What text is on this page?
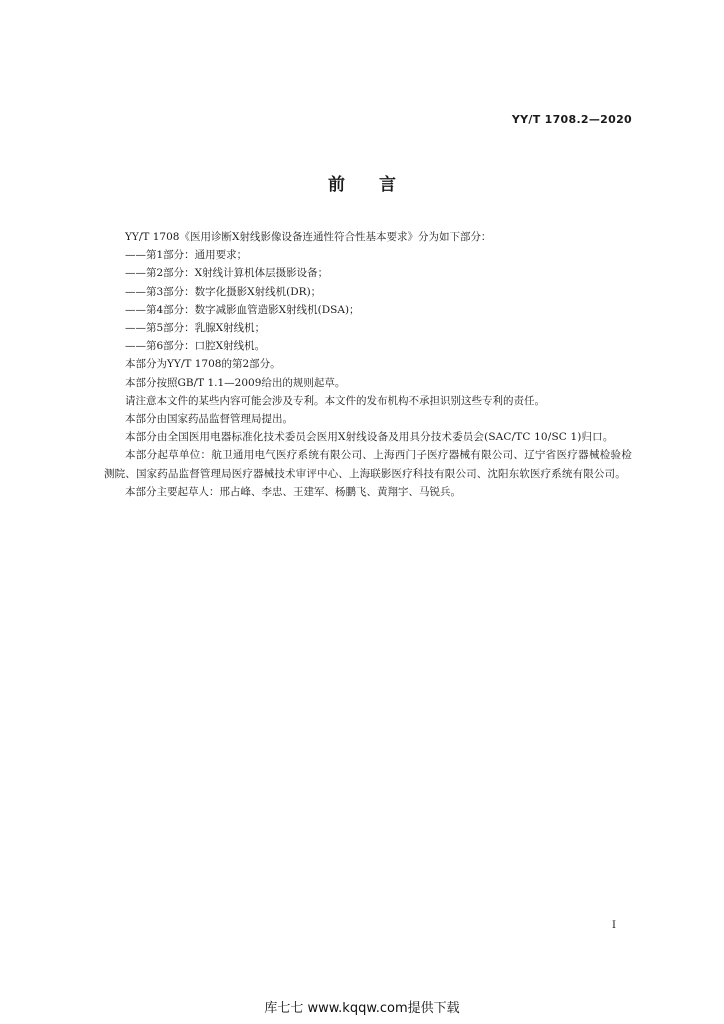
YY/T 1708.2—2020
前言

YY/T 1708《医用诊断X射线影像设备连通性符合性基本要求》分为如下部分：

——第1部分：通用要求；

——第2部分：X射线计算机体层摄影设备；

——第3部分：数字化摄影X射线机(DR)；

——第4部分：数字减影血管造影X射线机(DSA)；

——第5部分：乳腺X射线机；

——第6部分：口腔X射线机。

本部分为YY/T 1708的第2部分。

本部分按照GB/T 1.1—2009给出的规则起草。

请注意本文件的某些内容可能会涉及专利。本文件的发布机构不承担识别这些专利的责任。

本部分由国家药品监督管理局提出。

本部分由全国医用电器标准化技术委员会医用X射线设备及用具分技术委员会(SAC/TC 10/SC 1)归口。

本部分起草单位：航卫通用电气医疗系统有限公司、上海西门子医疗器械有限公司、辽宁省医疗器械检验检测院、国家药品监督管理局医疗器械技术审评中心、上海联影医疗科技有限公司、沈阳东软医疗系统有限公司。

本部分主要起草人：邢占峰、李忠、王建军、杨鹏飞、黄翔宇、马锐兵。

I
库七七 www.kqqw.com提供下载
